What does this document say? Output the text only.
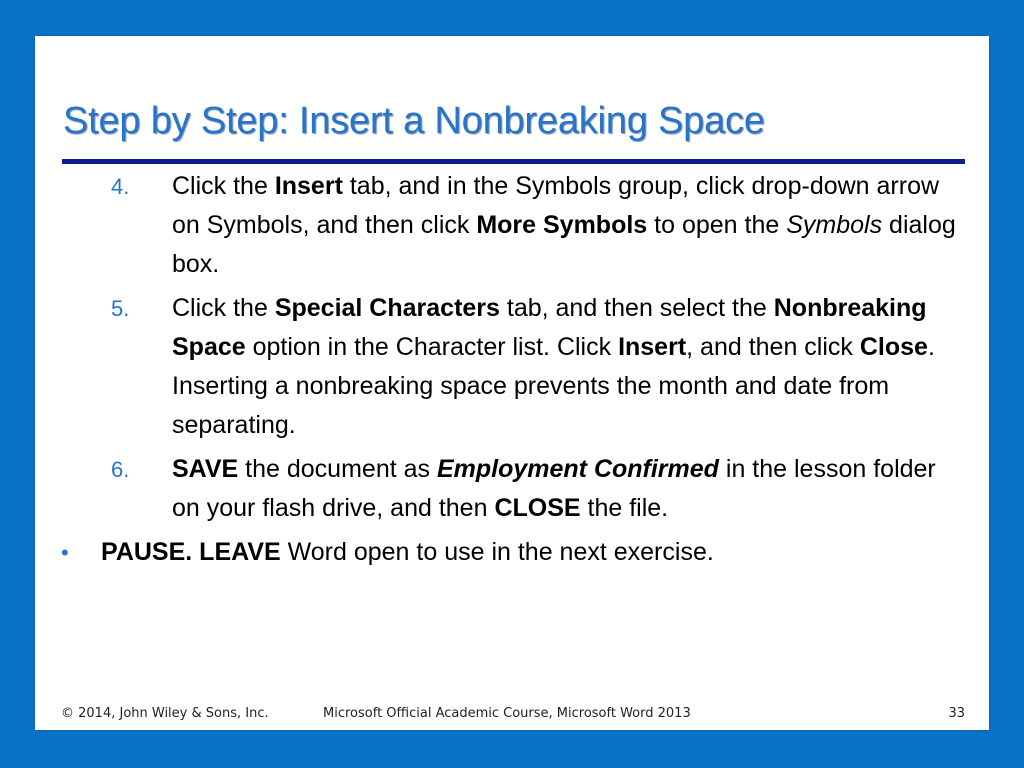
Step by Step: Insert a Nonbreaking Space
4. Click the Insert tab, and in the Symbols group, click drop-down arrow on Symbols, and then click More Symbols to open the Symbols dialog box.
5. Click the Special Characters tab, and then select the Nonbreaking Space option in the Character list. Click Insert, and then click Close. Inserting a nonbreaking space prevents the month and date from separating.
6. SAVE the document as Employment Confirmed in the lesson folder on your flash drive, and then CLOSE the file.
• PAUSE. LEAVE Word open to use in the next exercise.
© 2014, John Wiley & Sons, Inc.	Microsoft Official Academic Course, Microsoft Word 2013	33
